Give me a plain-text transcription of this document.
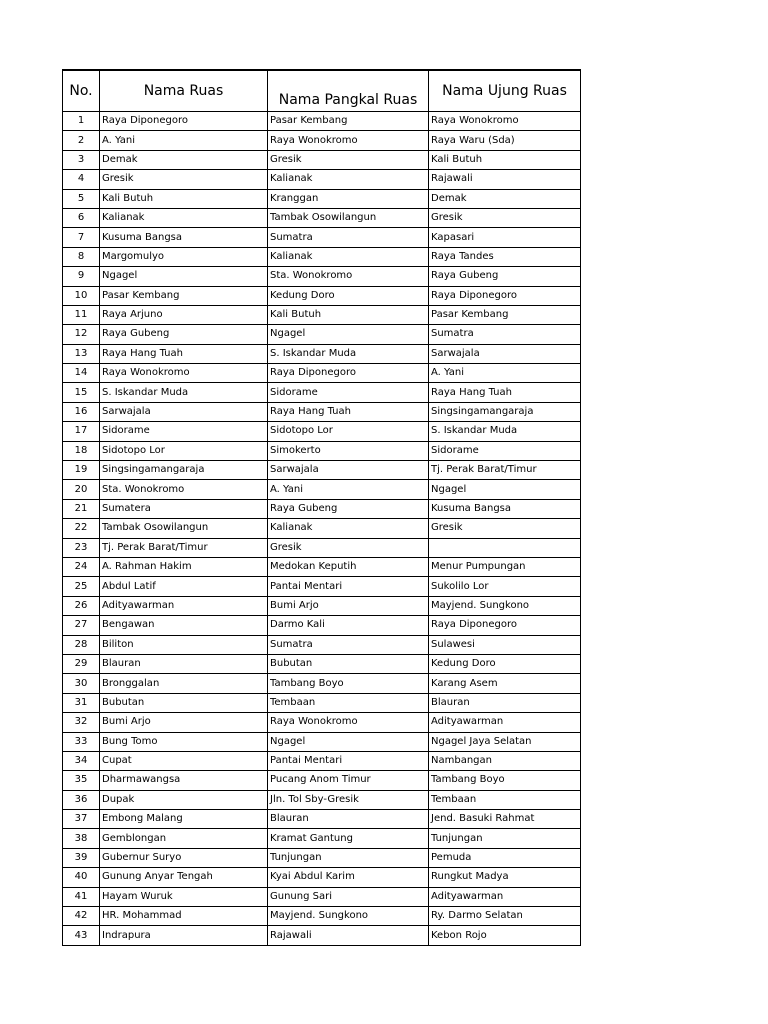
No.	Nama Ruas	Nama Pangkal Ruas	Nama Ujung Ruas
1	Raya Diponegoro	Pasar Kembang	Raya Wonokromo
2	A. Yani	Raya Wonokromo	Raya Waru (Sda)
3	Demak	Gresik	Kali Butuh
4	Gresik	Kalianak	Rajawali
5	Kali Butuh	Kranggan	Demak
6	Kalianak	Tambak Osowilangun	Gresik
7	Kusuma Bangsa	Sumatra	Kapasari
8	Margomulyo	Kalianak	Raya Tandes
9	Ngagel	Sta. Wonokromo	Raya Gubeng
10	Pasar Kembang	Kedung Doro	Raya Diponegoro
11	Raya Arjuno	Kali Butuh	Pasar Kembang
12	Raya Gubeng	Ngagel	Sumatra
13	Raya Hang Tuah	S. Iskandar Muda	Sarwajala
14	Raya Wonokromo	Raya Diponegoro	A. Yani
15	S. Iskandar Muda	Sidorame	Raya Hang Tuah
16	Sarwajala	Raya Hang Tuah	Singsingamangaraja
17	Sidorame	Sidotopo Lor	S. Iskandar Muda
18	Sidotopo Lor	Simokerto	Sidorame
19	Singsingamangaraja	Sarwajala	Tj. Perak Barat/Timur
20	Sta. Wonokromo	A. Yani	Ngagel
21	Sumatera	Raya Gubeng	Kusuma Bangsa
22	Tambak Osowilangun	Kalianak	Gresik
23	Tj. Perak Barat/Timur	Gresik	
24	A. Rahman Hakim	Medokan Keputih	Menur Pumpungan
25	Abdul Latif	Pantai Mentari	Sukolilo Lor
26	Adityawarman	Bumi Arjo	Mayjend. Sungkono
27	Bengawan	Darmo Kali	Raya Diponegoro
28	Biliton	Sumatra	Sulawesi
29	Blauran	Bubutan	Kedung Doro
30	Bronggalan	Tambang Boyo	Karang Asem
31	Bubutan	Tembaan	Blauran
32	Bumi Arjo	Raya Wonokromo	Adityawarman
33	Bung Tomo	Ngagel	Ngagel Jaya Selatan
34	Cupat	Pantai Mentari	Nambangan
35	Dharmawangsa	Pucang Anom Timur	Tambang Boyo
36	Dupak	Jln. Tol Sby-Gresik	Tembaan
37	Embong Malang	Blauran	Jend. Basuki Rahmat
38	Gemblongan	Kramat Gantung	Tunjungan
39	Gubernur Suryo	Tunjungan	Pemuda
40	Gunung Anyar Tengah	Kyai Abdul Karim	Rungkut Madya
41	Hayam Wuruk	Gunung Sari	Adityawarman
42	HR. Mohammad	Mayjend. Sungkono	Ry. Darmo Selatan
43	Indrapura	Rajawali	Kebon Rojo
